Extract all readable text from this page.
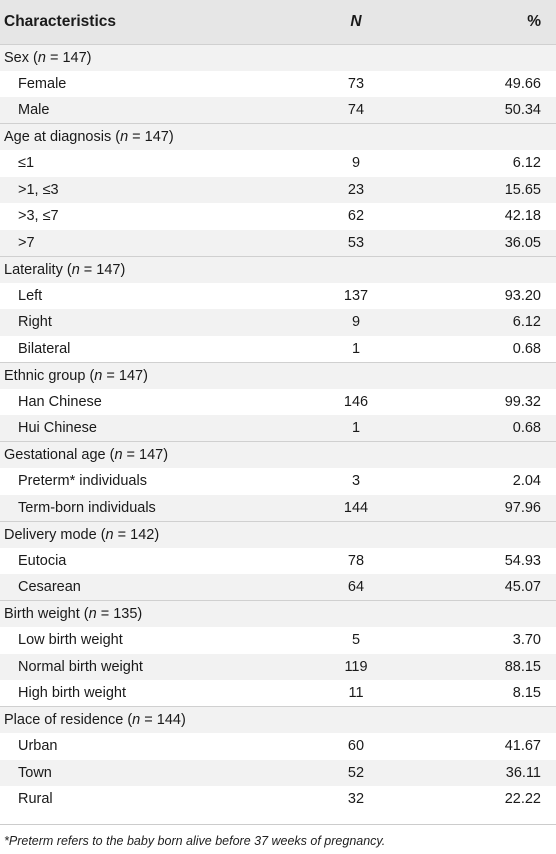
Characteristics	N	%
Sex (n = 147)		
Female	73	49.66
Male	74	50.34
Age at diagnosis (n = 147)		
≤1	9	6.12
>1, ≤3	23	15.65
>3, ≤7	62	42.18
>7	53	36.05
Laterality (n = 147)		
Left	137	93.20
Right	9	6.12
Bilateral	1	0.68
Ethnic group (n = 147)		
Han Chinese	146	99.32
Hui Chinese	1	0.68
Gestational age (n = 147)		
Preterm* individuals	3	2.04
Term-born individuals	144	97.96
Delivery mode (n = 142)		
Eutocia	78	54.93
Cesarean	64	45.07
Birth weight (n = 135)		
Low birth weight	5	3.70
Normal birth weight	119	88.15
High birth weight	11	8.15
Place of residence (n = 144)		
Urban	60	41.67
Town	52	36.11
Rural	32	22.22
*Preterm refers to the baby born alive before 37 weeks of pregnancy.
